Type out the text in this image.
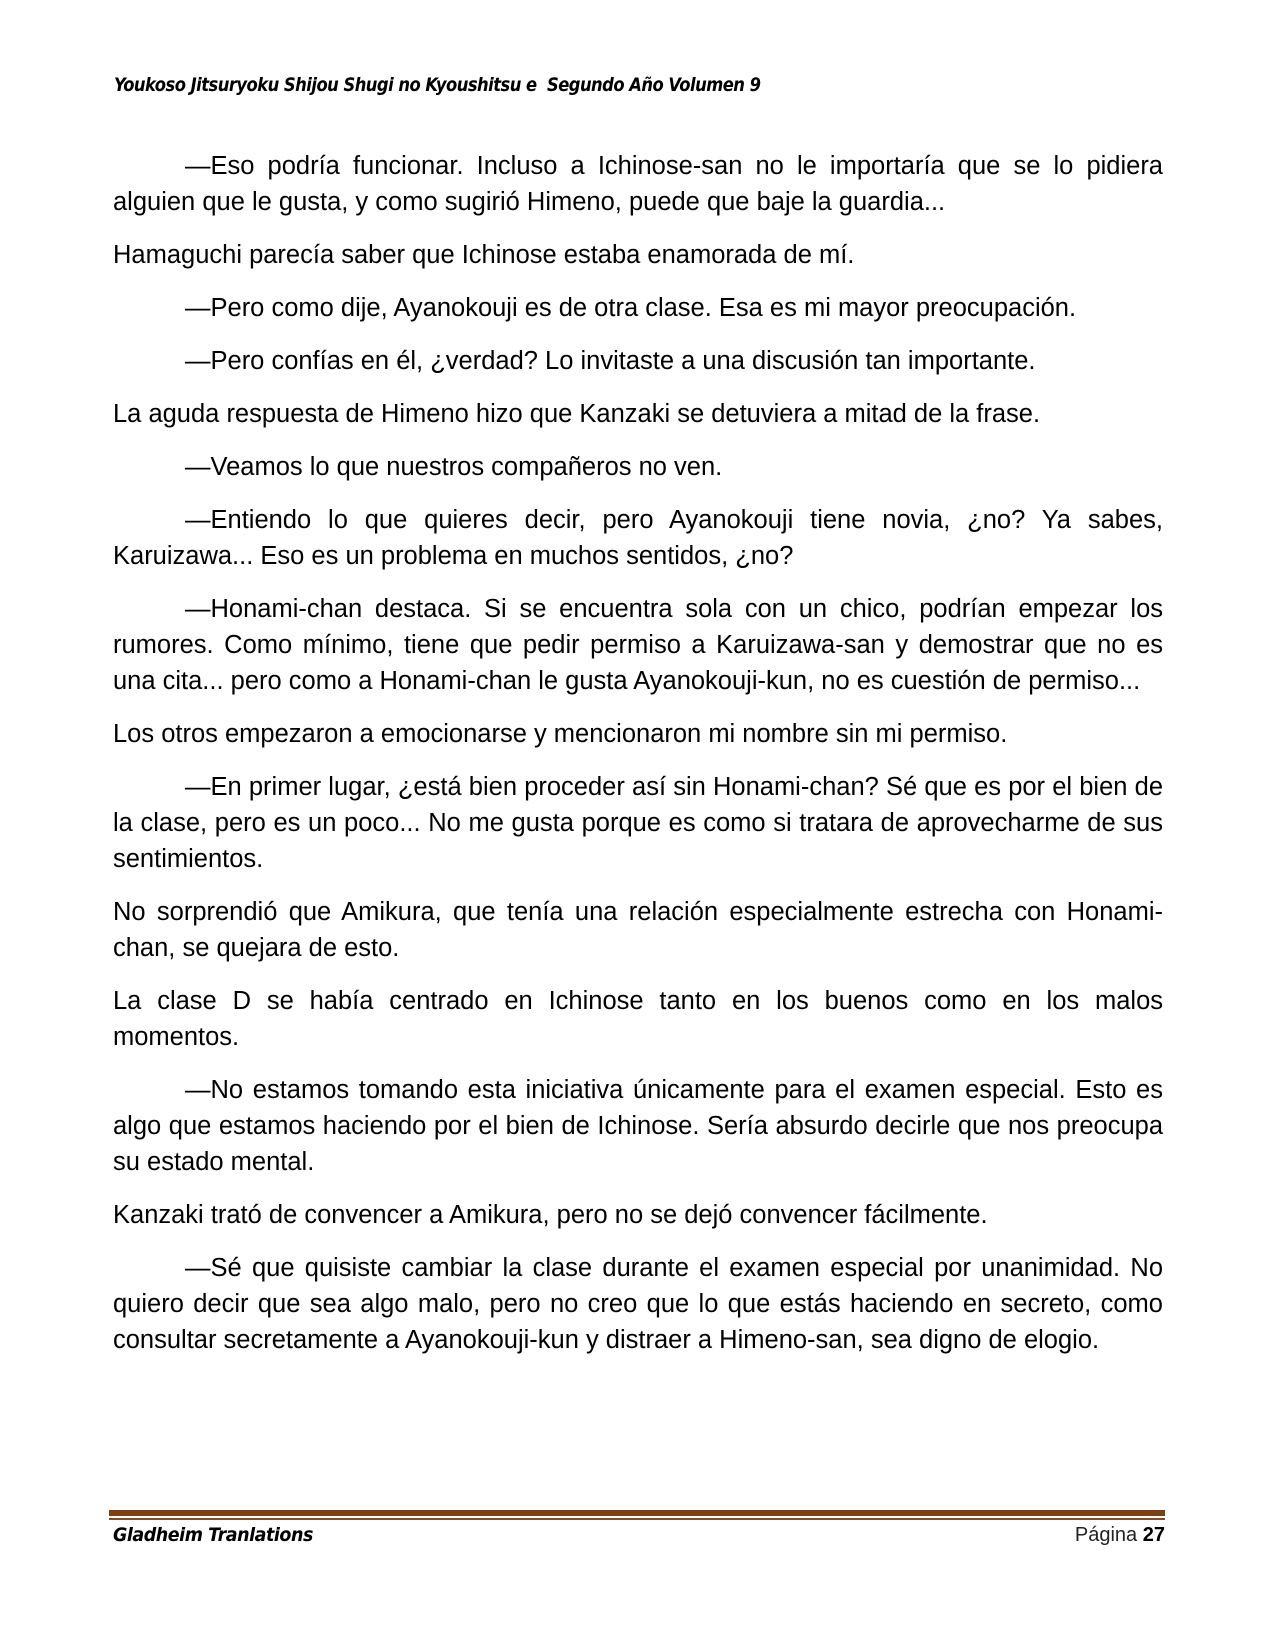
Youkoso Jitsuryoku Shijou Shugi no Kyoushitsu e  Segundo Año Volumen 9

—Eso podría funcionar. Incluso a Ichinose-san no le importaría que se lo pidiera alguien que le gusta, y como sugirió Himeno, puede que baje la guardia...

Hamaguchi parecía saber que Ichinose estaba enamorada de mí.

—Pero como dije, Ayanokouji es de otra clase. Esa es mi mayor preocupación.

—Pero confías en él, ¿verdad? Lo invitaste a una discusión tan importante.

La aguda respuesta de Himeno hizo que Kanzaki se detuviera a mitad de la frase.

—Veamos lo que nuestros compañeros no ven.

—Entiendo lo que quieres decir, pero Ayanokouji tiene novia, ¿no? Ya sabes, Karuizawa... Eso es un problema en muchos sentidos, ¿no?

—Honami-chan destaca. Si se encuentra sola con un chico, podrían empezar los rumores. Como mínimo, tiene que pedir permiso a Karuizawa-san y demostrar que no es una cita... pero como a Honami-chan le gusta Ayanokouji-kun, no es cuestión de permiso...

Los otros empezaron a emocionarse y mencionaron mi nombre sin mi permiso.

—En primer lugar, ¿está bien proceder así sin Honami-chan? Sé que es por el bien de la clase, pero es un poco... No me gusta porque es como si tratara de aprovecharme de sus sentimientos.

No sorprendió que Amikura, que tenía una relación especialmente estrecha con Honami-chan, se quejara de esto.

La clase D se había centrado en Ichinose tanto en los buenos como en los malos momentos.

—No estamos tomando esta iniciativa únicamente para el examen especial. Esto es algo que estamos haciendo por el bien de Ichinose. Sería absurdo decirle que nos preocupa su estado mental.

Kanzaki trató de convencer a Amikura, pero no se dejó convencer fácilmente.

—Sé que quisiste cambiar la clase durante el examen especial por unanimidad. No quiero decir que sea algo malo, pero no creo que lo que estás haciendo en secreto, como consultar secretamente a Ayanokouji-kun y distraer a Himeno-san, sea digno de elogio.

Gladheim Tranlations	Página 27
